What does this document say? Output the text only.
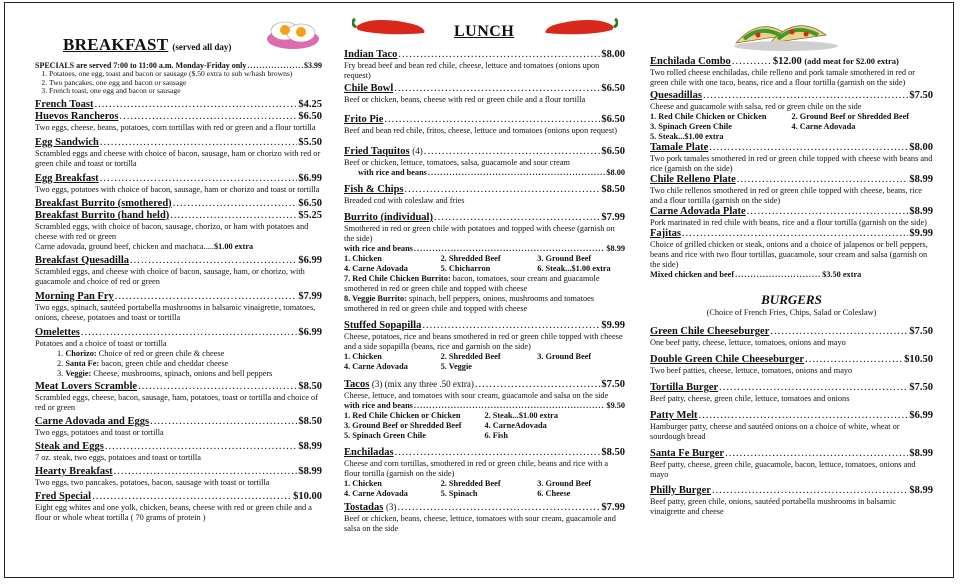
BREAKFAST (served all day)
SPECIALS are served 7:00 to 11:00 a.m. Monday-Friday only .....	$3.99
1. Potatoes, one egg, toast and bacon or sausage ($.50 extra to sub w/hash browns)
2. Two pancakes, one egg and bacon or sausage
3. French toast, one egg and bacon or sausage
French Toast .....	$4.25
Huevos Rancheros .....	$6.50
Two eggs, cheese, beans, potatoes, corn tortillas with red or green and a flour tortilla
Egg Sandwich .....	$5.50
Scrambled eggs and cheese with choice of bacon, sausage, ham or chorizo with red or green chile and toast or tortilla
Egg Breakfast .....	$6.99
Two eggs, potatoes with choice of bacon, sausage, ham or chorizo and toast or tortilla
Breakfast Burrito (smothered) .....	$6.50
Breakfast Burrito (hand held) .....	$5.25
Scrambled eggs, with choice of bacon, sausage, chorizo, or ham with potatoes and cheese with red or green
Carne adovada, ground beef, chicken and machaca.....$1.00 extra
Breakfast Quesadilla .....	$6.99
Scrambled eggs, and cheese with choice of bacon, sausage, ham, or chorizo, with guacamole and choice of red or green
Morning Pan Fry .....	$7.99
Two eggs, spinach, sautéed portabella mushrooms in balsamic vinaigrette, tomatoes, onions, cheese, potatoes and toast or tortilla
Omelettes .....	$6.99
Potatoes and a choice of toast or tortilla
1. Chorizo: Choice of red or green chile & cheese
2. Santa Fe: bacon, green chile and cheddar cheese
3. Veggie: Cheese, mushrooms, spinach, onions and bell peppers
Meat Lovers Scramble .....	$8.50
Scrambled eggs, cheese, bacon, sausage, ham, potatoes, toast or tortilla and choice of red or green
Carne Adovada and Eggs .....	$8.50
Two eggs, potatoes and toast or tortilla
Steak and Eggs .....	$8.99
7 oz. steak, two eggs, potatoes and toast or tortilla
Hearty Breakfast .....	$8.99
Two eggs, two pancakes, potatoes, bacon, sausage with toast or tortilla
Fred Special .....	$10.00
Eight egg whites and one yolk, chicken, beans, cheese with red or green chile and a flour or whole wheat tortilla ( 70 grams of protein )
LUNCH
Indian Taco .....	$8.00
Fry bread beef and bean red chile, cheese, lettuce and tomatoes (onions upon request)
Chile Bowl .....	$6.50
Beef or chicken, beans, cheese with red or green chile and a flour tortilla
Frito Pie .....	$6.50
Beef and bean red chile, fritos, cheese, lettuce and tomatoes (onions upon request)
Fried Taquitos
(4) .....	$6.50
Beef or chicken, lettuce, tomatoes, salsa, guacamole and sour cream
with rice and beans .....	$8.00
Fish & Chips .....	$8.50
Breaded cod with coleslaw and fries
Burrito (individual) .....	$7.99
Smothered in red or green chile with potatoes and topped with cheese (garnish on the side)
with rice and beans .....	$8.99
1. Chicken	2. Shredded Beef	3. Ground Beef
4. Carne Adovada	5. Chicharron	6. Steak...$1.00 extra
7. Red Chile Chicken Burrito: bacon, tomatoes, sour cream and guacamole smothered in red or green chile and topped with cheese
8. Veggie Burrito: spinach, bell peppers, onions, mushrooms and tomatoes smothered in red or green chile and topped with cheese
Stuffed Sopapilla .....	$9.99
Cheese, potatoes, rice and beans smothered in red or green chile topped with cheese and a side sopapilla (beans, rice and garnish on the side)
1. Chicken	2. Shredded Beef	3. Ground Beef
4. Carne Adovada	5. Veggie
Tacos
(3) (mix any three .50 extra) .....	$7.50
Cheese, lettuce, and tomatoes with sour cream, guacamole and salsa on the side
with rice and beans .....	$9.50
1. Red Chile Chicken or Chicken	2. Steak...$1.00 extra
3. Ground Beef or Shredded Beef	4. CarneAdovada
5. Spinach Green Chile	6. Fish
Enchiladas .....	$8.50
Cheese and corn tortillas, smothered in red or green chile, beans and rice with a flour tortilla (garnish on the side)
1. Chicken	2. Shredded Beef	3. Ground Beef
4. Carne Adovada	5. Spinach	6. Cheese
Tostadas
(3) .....	$7.99
Beef or chicken, beans, cheese, lettuce, tomatoes with sour cream, guacamole and salsa on the side
Enchilada Combo .....	$12.00
(add meat for $2.00 extra)
Two rolled cheese enchiladas, chile relleno and pork tamale smothered in red or green chile with one taco, beans, rice and a flour tortilla (garnish on the side)
Quesadillas .....	$7.50
Cheese and guacamole with salsa, red or green chile on the side
1. Red Chile Chicken or Chicken	2. Ground Beef or Shredded Beef
3. Spinach Green Chile	4. Carne Adovada
5. Steak...$1.00 extra
Tamale Plate .....	$8.00
Two pork tamales smothered in red or green chile topped with cheese with beans and rice (garnish on the side)
Chile Relleno Plate .....	$8.99
Two chile rellenos smothered in red or green chile topped with cheese, beans, rice and a flour tortilla (garnish on the side)
Carne Adovada Plate .....	$8.99
Pork marinated in red chile with beans, rice and a flour tortilla (garnish on the side)
Fajitas .....	$9.99
Choice of grilled chicken or steak, onions and a choice of jalapenos or bell peppers, beans and rice with two flour tortillas, guacamole, sour cream and salsa (garnish on the side)
Mixed chicken and beef .....	$3.50 extra
BURGERS
(Choice of French Fries, Chips, Salad or Coleslaw)
Green Chile Cheeseburger .....	$7.50
One beef patty, cheese, lettuce, tomatoes, onions and mayo
Double Green Chile Cheeseburger .....	$10.50
Two beef patties, cheese, lettuce, tomatoes, onions and mayo
Tortilla Burger .....	$7.50
Beef patty, cheese, green chile, lettuce, tomatoes and onions
Patty Melt .....	$6.99
Hamburger patty, cheese and sautéed onions on a choice of white, wheat or sourdough bread
Santa Fe Burger .....	$8.99
Beef patty, cheese, green chile, guacamole, bacon, lettuce, tomatoes, onions and mayo
Philly Burger .....	$8.99
Beef patty, green chile, onions, sautéed portabella mushrooms in balsamic vinaigrette and cheese
